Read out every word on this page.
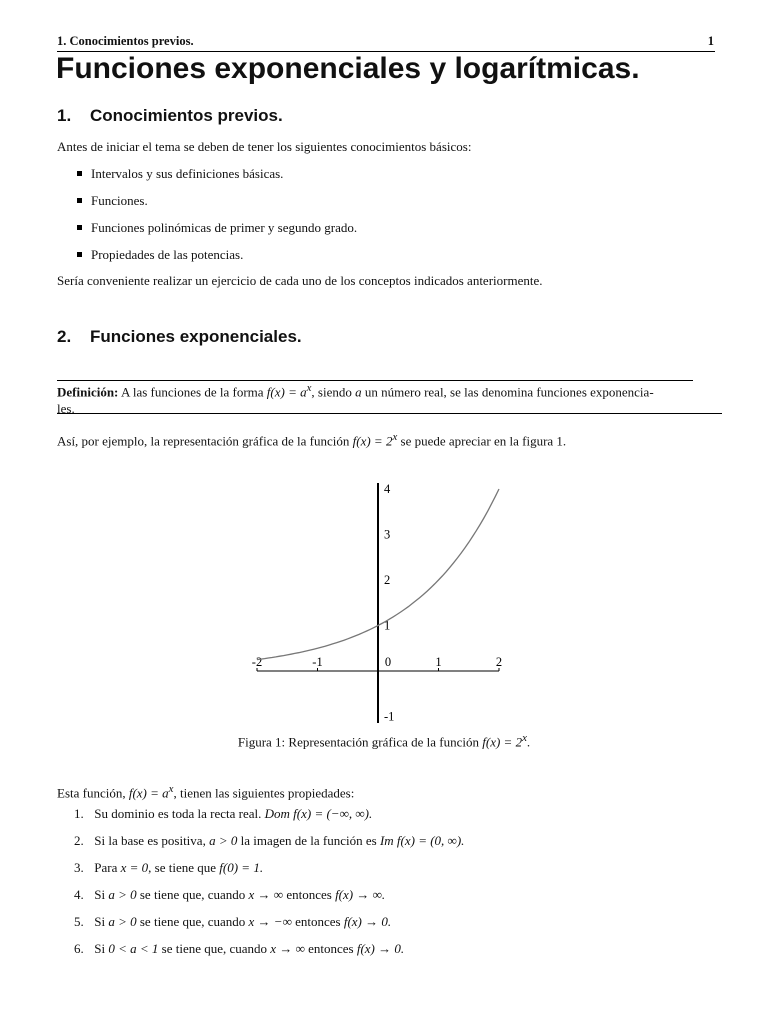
1. Conocimientos previos.	1
Funciones exponenciales y logarítmicas.
1. Conocimientos previos.
Antes de iniciar el tema se deben de tener los siguientes conocimientos básicos:
Intervalos y sus definiciones básicas.
Funciones.
Funciones polinómicas de primer y segundo grado.
Propiedades de las potencias.
Sería conveniente realizar un ejercicio de cada uno de los conceptos indicados anteriormente.
2. Funciones exponenciales.
Definición: A las funciones de la forma $f(x) = a^x$, siendo a un número real, se las denomina funciones exponencia-
les.
Así, por ejemplo, la representación gráfica de la función $f(x) = 2^x$ se puede apreciar en la figura 1.
-2	-1	0	1	2
4
3
2
1
-1
Figura 1: Representación gráfica de la función $f(x) = 2^x$.
Esta función, $f(x) = a^x$, tienen las siguientes propiedades:
1. Su dominio es toda la recta real. Dom f(x) = (−∞, ∞).
2. Si la base es positiva, a > 0 la imagen de la función es Im f(x) = (0, ∞).
3. Para x = 0, se tiene que f(0) = 1.
4. Si a > 0 se tiene que, cuando x → ∞ entonces f(x) → ∞.
5. Si a > 0 se tiene que, cuando x → −∞ entonces f(x) → 0.
6. Si 0 < a < 1 se tiene que, cuando x → ∞ entonces f(x) → 0.
